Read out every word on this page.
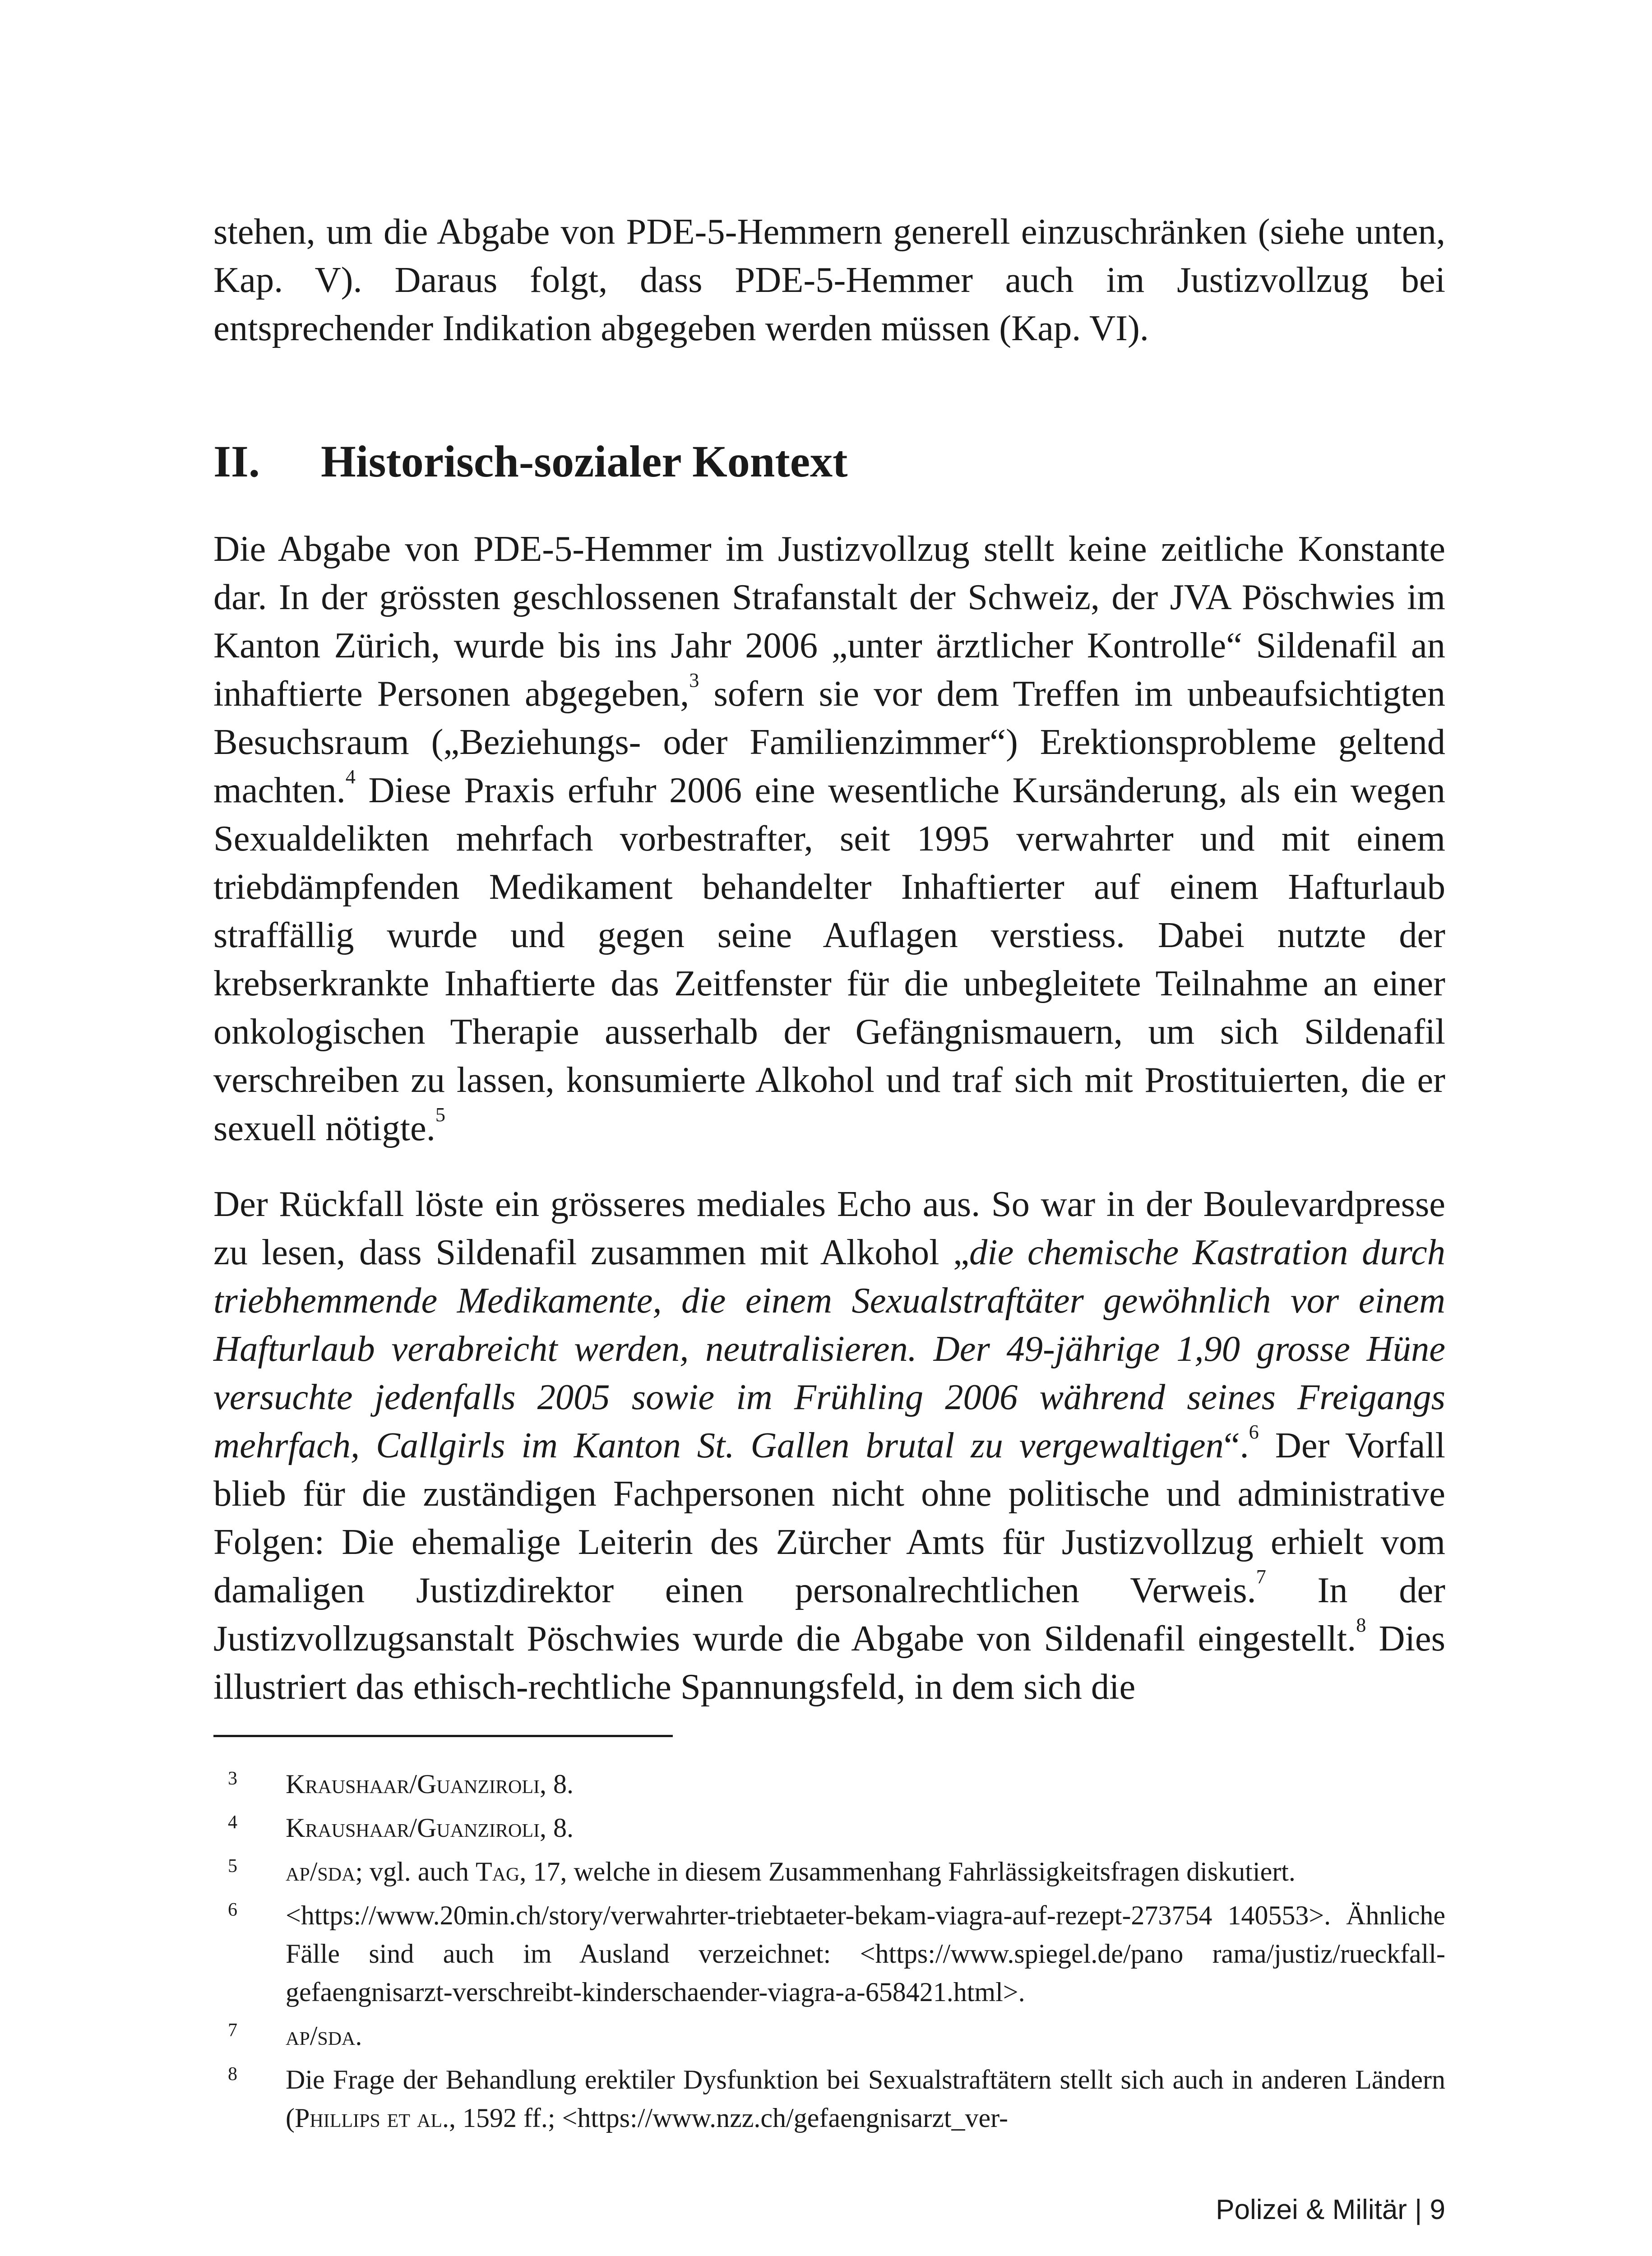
stehen, um die Abgabe von PDE-5-Hemmern generell einzuschränken (siehe unten, Kap. V). Daraus folgt, dass PDE-5-Hemmer auch im Justizvollzug bei entsprechender Indikation abgegeben werden müssen (Kap. VI).

II.	Historisch-sozialer Kontext

Die Abgabe von PDE-5-Hemmer im Justizvollzug stellt keine zeitliche Konstante dar. In der grössten geschlossenen Strafanstalt der Schweiz, der JVA Pöschwies im Kanton Zürich, wurde bis ins Jahr 2006 „unter ärztlicher Kontrolle“ Sildenafil an inhaftierte Personen abgegeben,$^3$ sofern sie vor dem Treffen im unbeaufsichtigten Besuchsraum („Beziehungs- oder Familienzimmer“) Erektionsprobleme geltend machten.$^4$ Diese Praxis erfuhr 2006 eine wesentliche Kursänderung, als ein wegen Sexualdelikten mehrfach vorbestrafter, seit 1995 verwahrter und mit einem triebdämpfenden Medikament behandelter Inhaftierter auf einem Hafturlaub straffällig wurde und gegen seine Auflagen verstiess. Dabei nutzte der krebserkrankte Inhaftierte das Zeitfenster für die unbegleitete Teilnahme an einer onkologischen Therapie ausserhalb der Gefängnismauern, um sich Sildenafil verschreiben zu lassen, konsumierte Alkohol und traf sich mit Prostituierten, die er sexuell nötigte.$^5$

Der Rückfall löste ein grösseres mediales Echo aus. So war in der Boulevardpresse zu lesen, dass Sildenafil zusammen mit Alkohol „die chemische Kastration durch triebhemmende Medikamente, die einem Sexualstraftäter gewöhnlich vor einem Hafturlaub verabreicht werden, neutralisieren. Der 49-jährige 1,90 grosse Hüne versuchte jedenfalls 2005 sowie im Frühling 2006 während seines Freigangs mehrfach, Callgirls im Kanton St. Gallen brutal zu vergewaltigen“.$^6$ Der Vorfall blieb für die zuständigen Fachpersonen nicht ohne politische und administrative Folgen: Die ehemalige Leiterin des Zürcher Amts für Justizvollzug erhielt vom damaligen Justizdirektor einen personalrechtlichen Verweis.$^7$ In der Justizvollzugsanstalt Pöschwies wurde die Abgabe von Sildenafil eingestellt.$^8$ Dies illustriert das ethisch-rechtliche Spannungsfeld, in dem sich die

3	Kraushaar/Guanziroli, 8.
4	Kraushaar/Guanziroli, 8.
5	ap/sda; vgl. auch Tag, 17, welche in diesem Zusammenhang Fahrlässigkeitsfragen diskutiert.
6	<https://www.20min.ch/story/verwahrter-triebtaeter-bekam-viagra-auf-rezept-273754 140553>. Ähnliche Fälle sind auch im Ausland verzeichnet: <https://www.spiegel.de/pano rama/justiz/rueckfall-gefaengnisarzt-verschreibt-kinderschaender-viagra-a-658421.html>.
7	ap/sda.
8	Die Frage der Behandlung erektiler Dysfunktion bei Sexualstraftätern stellt sich auch in anderen Ländern (Phillips et al., 1592 ff.; <https://www.nzz.ch/gefaengnisarzt_ver-
Polizei & Militär | 9
